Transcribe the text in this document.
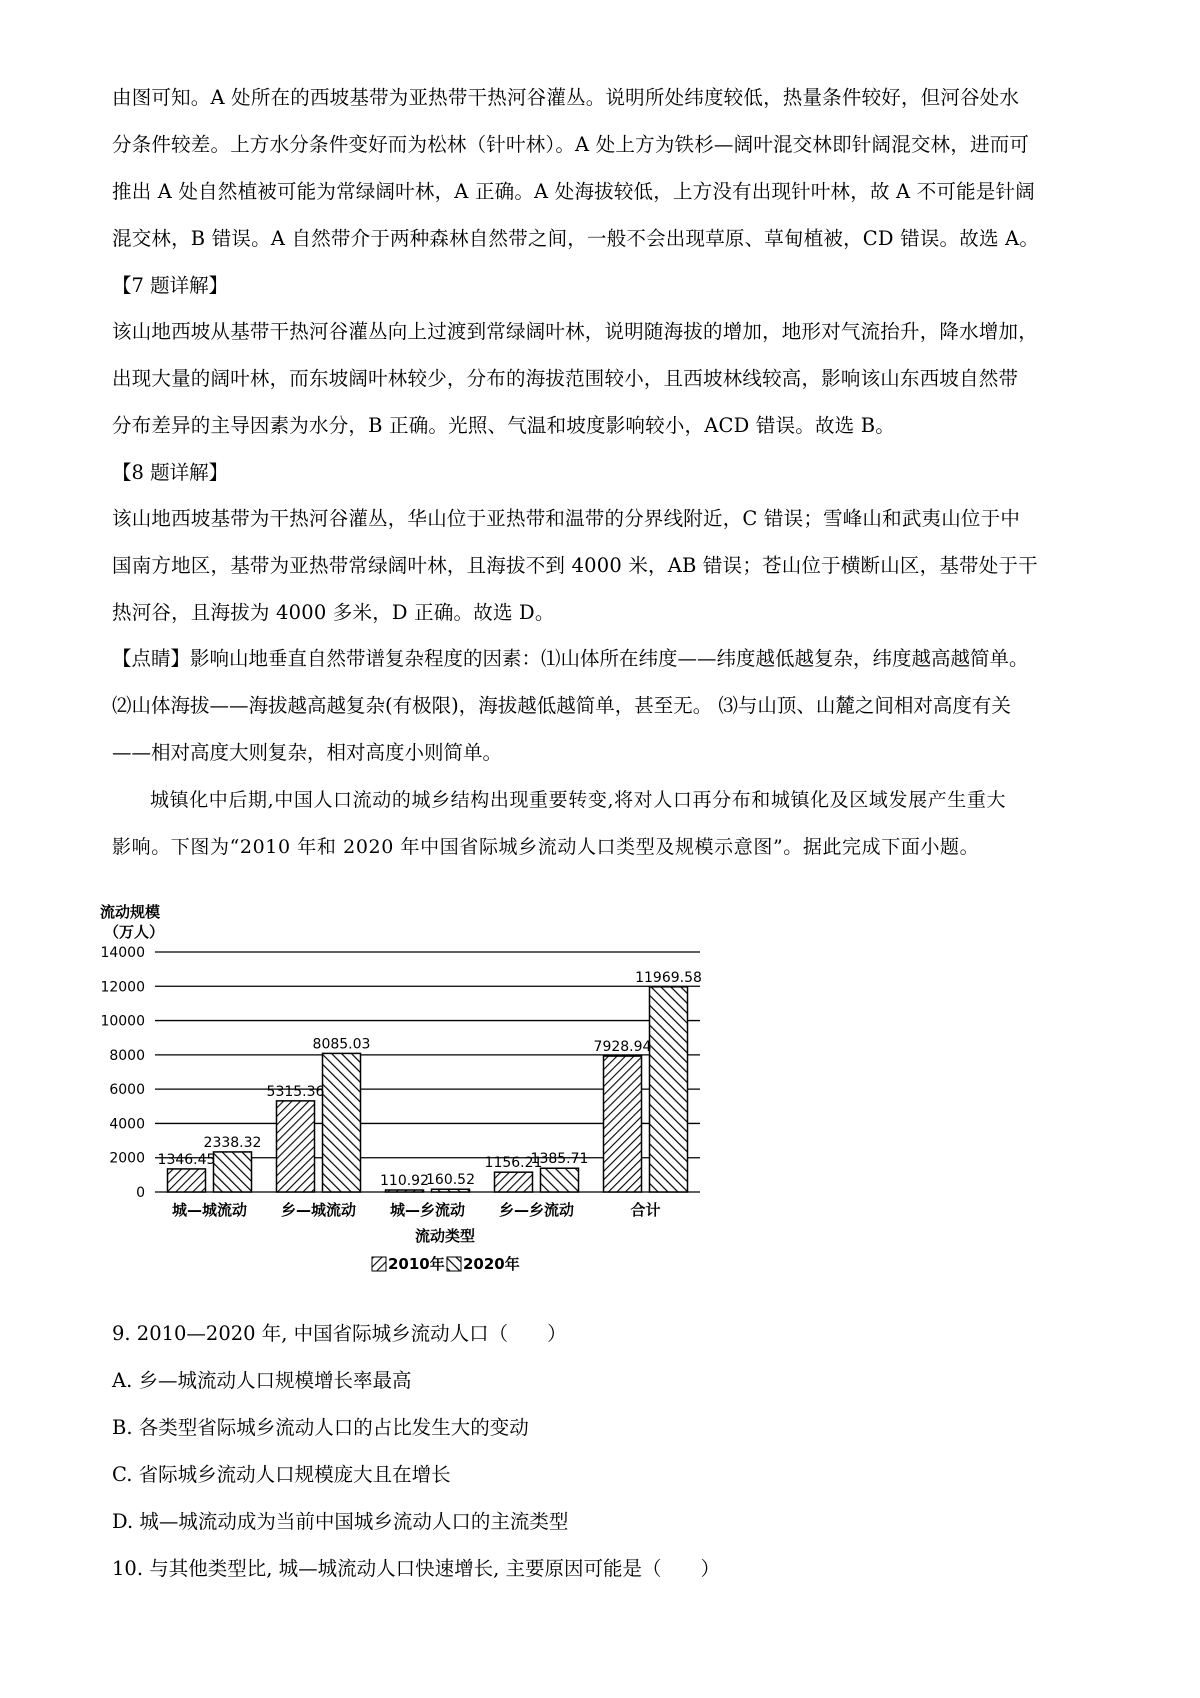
由图可知。A 处所在的西坡基带为亚热带干热河谷灌丛。说明所处纬度较低，热量条件较好，但河谷处水
分条件较差。上方水分条件变好而为松林（针叶林）。A 处上方为铁杉—阔叶混交林即针阔混交林，进而可
推出 A 处自然植被可能为常绿阔叶林，A 正确。A 处海拔较低，上方没有出现针叶林，故 A 不可能是针阔
混交林，B 错误。A 自然带介于两种森林自然带之间，一般不会出现草原、草甸植被，CD 错误。故选 A。
【7 题详解】
该山地西坡从基带干热河谷灌丛向上过渡到常绿阔叶林，说明随海拔的增加，地形对气流抬升，降水增加，
出现大量的阔叶林，而东坡阔叶林较少，分布的海拔范围较小，且西坡林线较高，影响该山东西坡自然带
分布差异的主导因素为水分，B 正确。光照、气温和坡度影响较小，ACD 错误。故选 B。
【8 题详解】
该山地西坡基带为干热河谷灌丛，华山位于亚热带和温带的分界线附近，C 错误；雪峰山和武夷山位于中
国南方地区，基带为亚热带常绿阔叶林，且海拔不到 4000 米，AB 错误；苍山位于横断山区，基带处于干
热河谷，且海拔为 4000 多米，D 正确。故选 D。
【点睛】影响山地垂直自然带谱复杂程度的因素：⑴山体所在纬度——纬度越低越复杂，纬度越高越简单。
⑵山体海拔——海拔越高越复杂(有极限)，海拔越低越简单，甚至无。 ⑶与山顶、山麓之间相对高度有关
——相对高度大则复杂，相对高度小则简单。
城镇化中后期,中国人口流动的城乡结构出现重要转变,将对人口再分布和城镇化及区域发展产生重大
影响。下图为“2010 年和 2020 年中国省际城乡流动人口类型及规模示意图”。据此完成下面小题。
流动规模
（万人）
0
2000
4000
6000
8000
10000
12000
14000
1346.45
2338.32
5315.36
8085.03
110.92
160.52
1156.21
1385.71
7928.94
11969.58
城—城流动 乡—城流动 城—乡流动 乡—乡流动	合计
流动类型
2010年 2020年
9. 2010—2020 年, 中国省际城乡流动人口（　　）
A. 乡—城流动人口规模增长率最高
B. 各类型省际城乡流动人口的占比发生大的变动
C. 省际城乡流动人口规模庞大且在增长
D. 城—城流动成为当前中国城乡流动人口的主流类型
10. 与其他类型比, 城—城流动人口快速增长, 主要原因可能是（　　）
